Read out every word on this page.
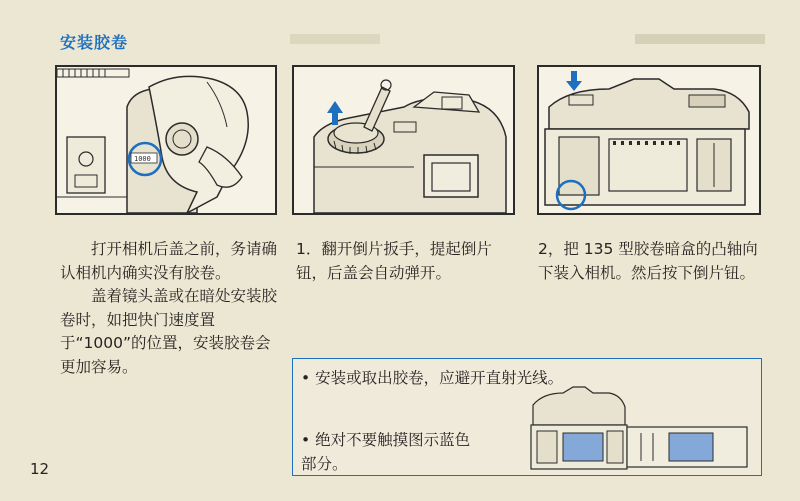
安装胶卷
1000

打开相机后盖之前，务请确认相机内确实没有胶卷。

盖着镜头盖或在暗处安装胶卷时，如把快门速度置于“1000”的位置，安装胶卷会更加容易。

1．翻开倒片扳手，提起倒片钮，后盖会自动弹开。

2，把 135 型胶卷暗盒的凸轴向下装入相机。然后按下倒片钮。

• 安装或取出胶卷，应避开直射光线。
• 绝对不要触摸图示蓝色部分。
12
